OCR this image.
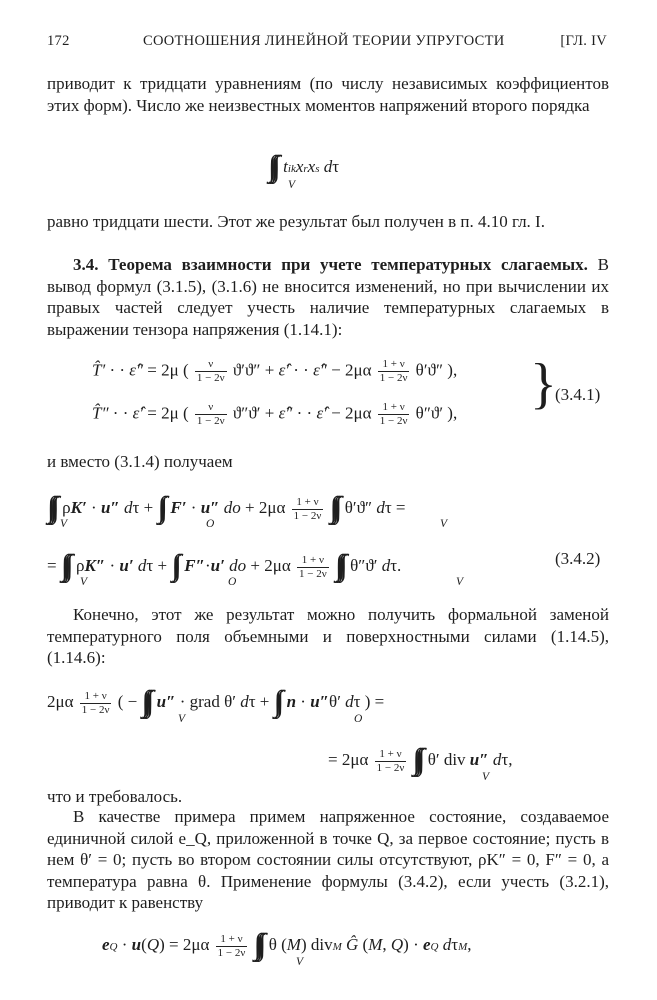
172	СООТНОШЕНИЯ ЛИНЕЙНОЙ ТЕОРИИ УПРУГОСТИ	[ГЛ. IV
приводит к тридцати уравнениям (по числу независимых коэффициентов этих форм). Число же неизвестных моментов напряжений второго порядка
∫∫∫ tikxrxs dτ
V
равно тридцати шести. Этот же результат был получен в п. 4.10 гл. I.
3.4. Теорема взаимности при учете температурных слагаемых. В вывод формул (3.1.5), (3.1.6) не вносится изменений, но при вычислении их правых частей следует учесть наличие температурных слагаемых в выражении тензора напряжения (1.14.1):
T̂′ · · ε̂″ = 2μ ( $\frac{\nu}{1 - 2\nu} ϑ'ϑ''$ + ε̂′ · · ε̂″ − $2\mu\alpha \frac{1 + \nu}{1 - 2\nu} \theta'ϑ''$ ),
T̂″ · · ε̂′ = 2μ ( $\frac{\nu}{1 - 2\nu} ϑ''ϑ'$ + ε̂″ · · ε̂′ − $2\mu\alpha \frac{1 + \nu}{1 - 2\nu} \theta''ϑ'$ ), }
(3.4.1)
и вместо (3.1.4) получаем
∫∫∫  ρK′ · u″ dτ + ∫∫ F′ · u″ do + $2\mu\alpha \frac{1 + \nu}{1 - 2\nu}$ ∫∫∫  θ′ϑ″ dτ =
V	O	V
= ∫∫∫  ρK″ · u′ dτ + ∫∫ F″·u′ do + $2\mu\alpha \frac{1 + \nu}{1 - 2\nu}$ ∫∫∫  θ″ϑ′ dτ.	(3.4.2)
V	O	V
Конечно, этот же результат можно получить формальной заменой температурного поля объемными и поверхностными силами (1.14.5), (1.14.6):
$2\mu\alpha \frac{1 + \nu}{1 - 2\nu}$ ( − ∫∫∫ u″ · grad θ′ dτ + ∫∫ n · u″θ′ dτ ) =
V	O
= $2\mu\alpha \frac{1 + \nu}{1 - 2\nu}$ ∫∫∫  θ′ div u″ dτ,
V
что и требовалось.
В качестве примера примем напряженное состояние, создаваемое единичной силой e_Q, приложенной в точке Q, за первое состояние; пусть в нем θ′ = 0; пусть во втором состоянии силы отсутствуют, ρK″ = 0, F″ = 0, а температура равна θ. Применение формулы (3.4.2), если учесть (3.2.1), приводит к равенству
eQ · $u(Q) = 2\mu\alpha \frac{1 + \nu}{1 - 2\nu}$ ∫∫∫  θ (M) divM Ĝ (M, Q) · eQ dτM,
V
